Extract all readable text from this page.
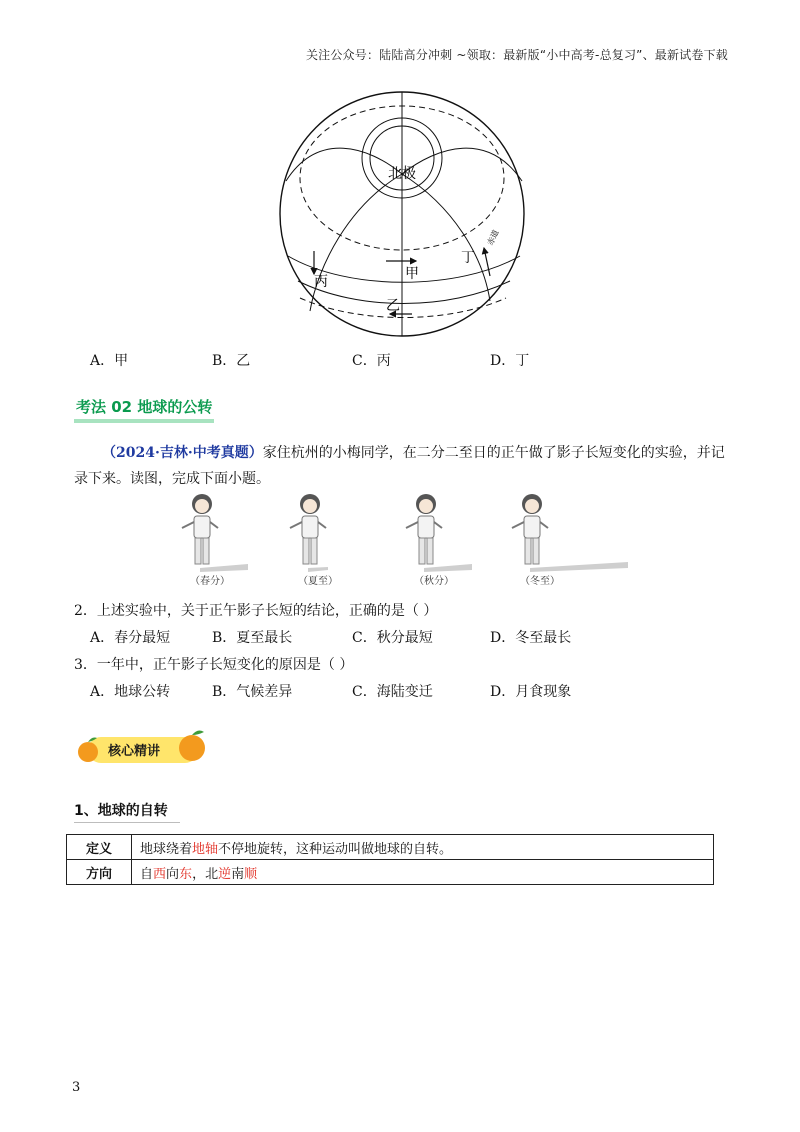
关注公众号：陆陆高分冲刺 ~领取：最新版“小中高考-总复习”、最新试卷下载
北极
甲
丁
丙
乙
赤道
A．甲	B．乙	C．丙	D．丁
考法 02 地球的公转
（2024·吉林·中考真题）家住杭州的小梅同学，在二分二至日的正午做了影子长短变化的实验，并记录下来。读图，完成下面小题。
（春分）	（夏至）	（秋分）	（冬至）
2．上述实验中，关于正午影子长短的结论，正确的是（ ）
A．春分最短	B．夏至最长	C．秋分最短	D．冬至最长
3．一年中，正午影子长短变化的原因是（ ）
A．地球公转	B．气候差异	C．海陆变迁	D．月食现象
核心精讲
1、地球的自转
定义	地球绕着地轴不停地旋转，这种运动叫做地球的自转。
方向	自西向东，北逆南顺
3
